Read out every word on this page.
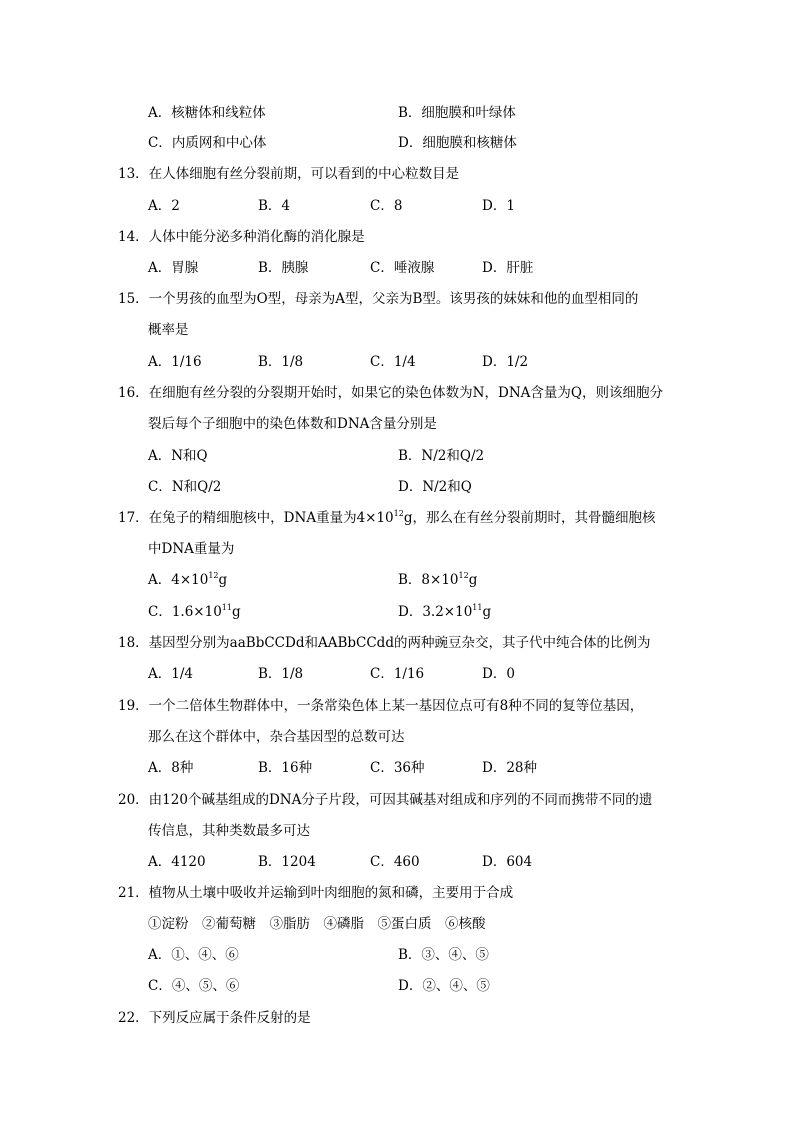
A．核糖体和线粒体	B．细胞膜和叶绿体
C．内质网和中心体	D．细胞膜和核糖体
13．在人体细胞有丝分裂前期，可以看到的中心粒数目是
A．2	B．4	C．8	D．1
14．人体中能分泌多种消化酶的消化腺是
A．胃腺	B．胰腺	C．唾液腺	D．肝脏
15．一个男孩的血型为O型，母亲为A型，父亲为B型。该男孩的妹妹和他的血型相同的
概率是
A．1/16	B．1/8	C．1/4	D．1/2
16．在细胞有丝分裂的分裂期开始时，如果它的染色体数为N，DNA含量为Q，则该细胞分
裂后每个子细胞中的染色体数和DNA含量分别是
A．N和Q	B．N/2和Q/2
C．N和Q/2	D．N/2和Q
17．在兔子的精细胞核中，DNA重量为$4\times 10^{12}g$，那么在有丝分裂前期时，其骨髓细胞核
中DNA重量为
A．$4\times 10^{12}g$	B．$8\times 10^{12}g$
C．$1.6\times 10^{11}g$	D．$3.2\times 10^{11}g$
18．基因型分别为aaBbCCDd和AABbCCdd的两种豌豆杂交，其子代中纯合体的比例为
A．1/4	B．1/8	C．1/16	D．0
19．一个二倍体生物群体中，一条常染色体上某一基因位点可有8种不同的复等位基因，
那么在这个群体中，杂合基因型的总数可达
A．8种	B．16种	C．36种	D．28种
20．由120个碱基组成的DNA分子片段，可因其碱基对组成和序列的不同而携带不同的遗
传信息，其种类数最多可达
A．4120	B．1204	C．460	D．604
21．植物从土壤中吸收并运输到叶肉细胞的氮和磷，主要用于合成
①淀粉　②葡萄糖　③脂肪　④磷脂　⑤蛋白质　⑥核酸
A．①、④、⑥	B．③、④、⑤
C．④、⑤、⑥	D．②、④、⑤
22．下列反应属于条件反射的是
